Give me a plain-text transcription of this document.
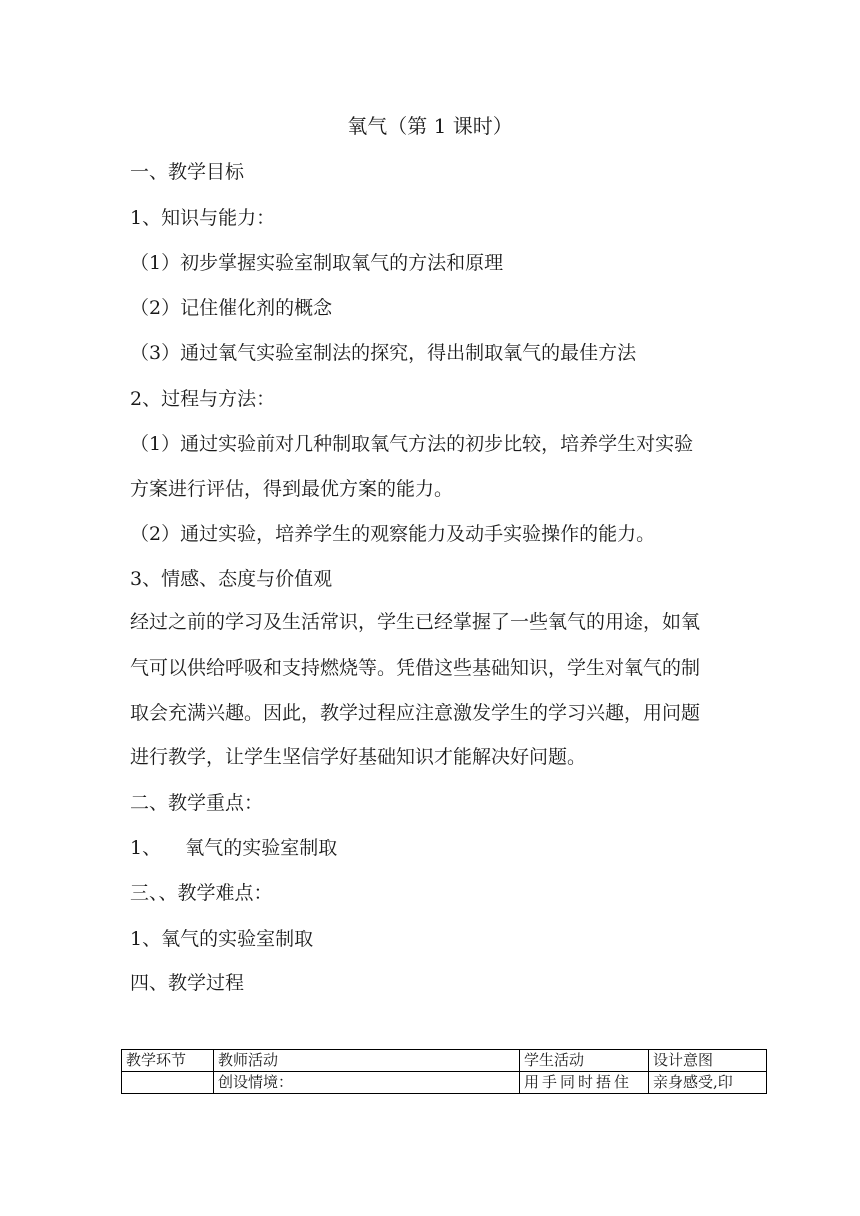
氧气（第 1 课时）
一、教学目标
1、知识与能力：
（1）初步掌握实验室制取氧气的方法和原理
（2）记住催化剂的概念
（3）通过氧气实验室制法的探究，得出制取氧气的最佳方法
2、过程与方法：
（1）通过实验前对几种制取氧气方法的初步比较，培养学生对实验
方案进行评估，得到最优方案的能力。
（2）通过实验，培养学生的观察能力及动手实验操作的能力。
3、情感、态度与价值观
经过之前的学习及生活常识，学生已经掌握了一些氧气的用途，如氧
气可以供给呼吸和支持燃烧等。凭借这些基础知识，学生对氧气的制
取会充满兴趣。因此，教学过程应注意激发学生的学习兴趣，用问题
进行教学，让学生坚信学好基础知识才能解决好问题。
二、教学重点：
1、    氧气的实验室制取
三、、教学难点：
1、氧气的实验室制取
四、教学过程
教学环节	教师活动	学生活动	设计意图
	创设情境：	用手同时捂住	亲身感受,印
